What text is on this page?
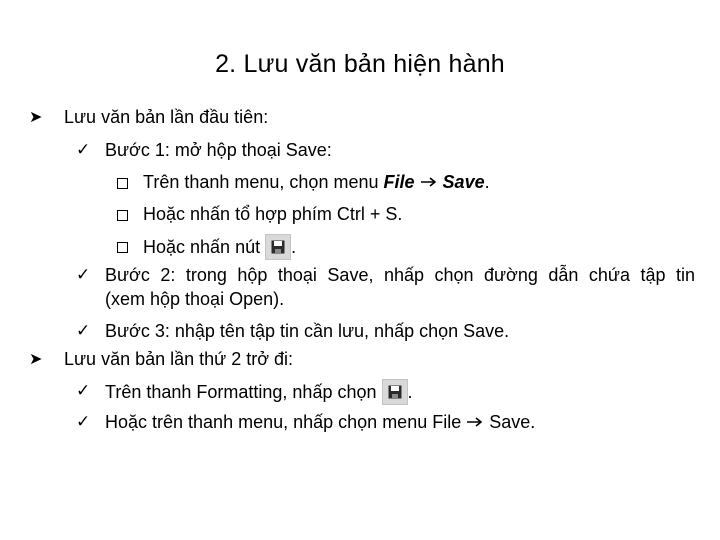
2. Lưu văn bản hiện hành
➤ Lưu văn bản lần đầu tiên:
✓ Bước 1: mở hộp thoại Save:
Trên thanh menu, chọn menu File Save.
Hoặc nhấn tổ hợp phím Ctrl + S.
Hoặc nhấn nút .
✓ Bước 2: trong hộp thoại Save, nhấp chọn đường dẫn chứa tập tin
(xem hộp thoại Open).
✓ Bước 3: nhập tên tập tin cần lưu, nhấp chọn Save.
➤ Lưu văn bản lần thứ 2 trở đi:
✓ Trên thanh Formatting, nhấp chọn .
✓ Hoặc trên thanh menu, nhấp chọn menu File Save.
